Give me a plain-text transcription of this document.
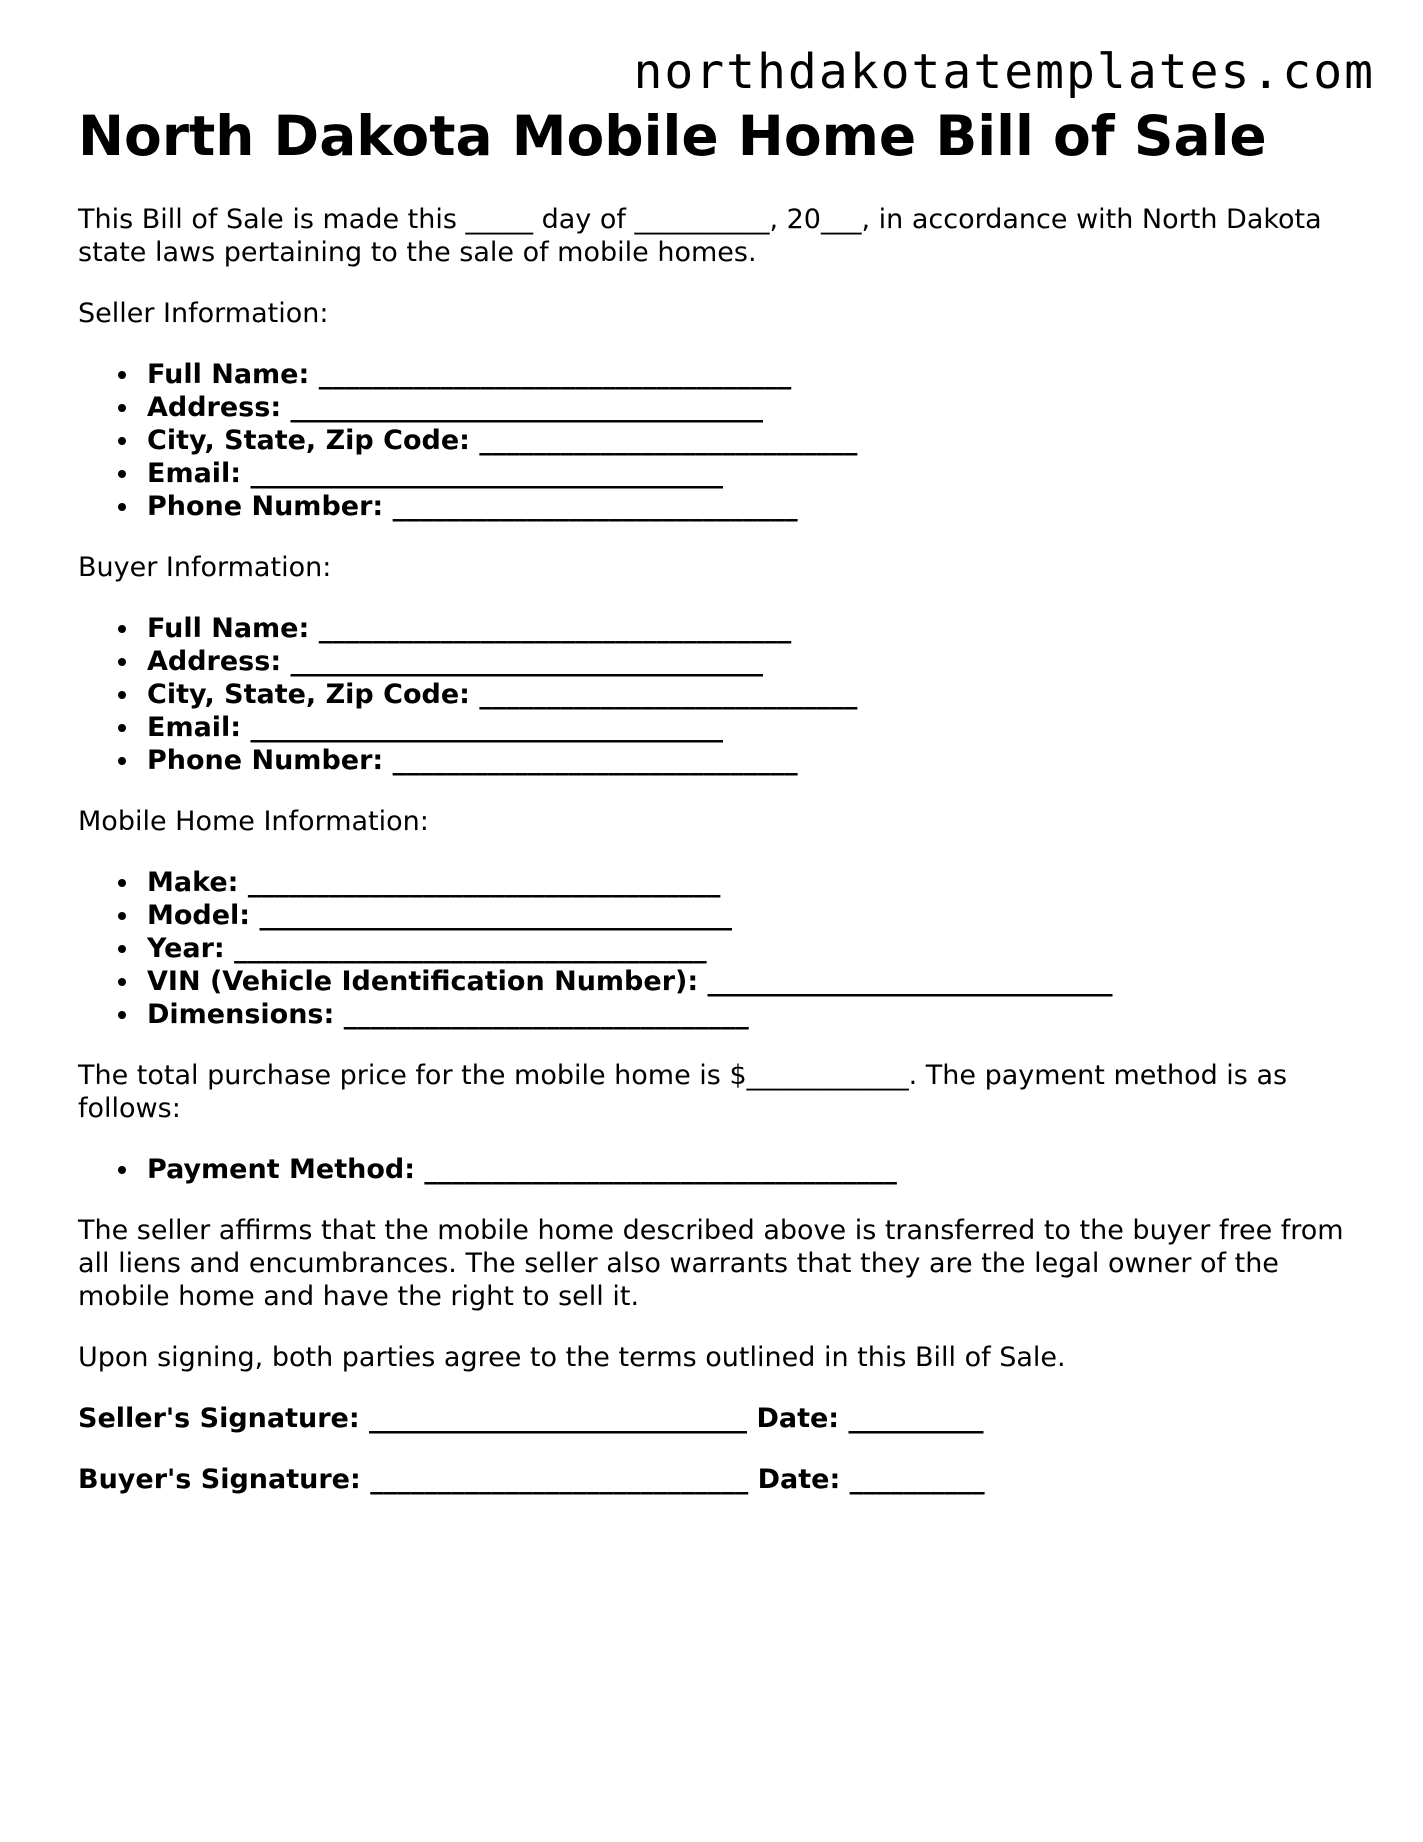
northdakotatemplates.com
North Dakota Mobile Home Bill of Sale

This Bill of Sale is made this _____ day of __________, 20___, in accordance with North Dakota state laws pertaining to the sale of mobile homes.

Seller Information:

Full Name: ___________________________________
Address: ___________________________________
City, State, Zip Code: ____________________________
Email: ___________________________________
Phone Number: ______________________________

Buyer Information:

Full Name: ___________________________________
Address: ___________________________________
City, State, Zip Code: ____________________________
Email: ___________________________________
Phone Number: ______________________________

Mobile Home Information:

Make: ___________________________________
Model: ___________________________________
Year: ___________________________________
VIN (Vehicle Identification Number): ______________________________
Dimensions: ______________________________

The total purchase price for the mobile home is $____________. The payment method is as follows:

Payment Method: ___________________________________

The seller affirms that the mobile home described above is transferred to the buyer free from all liens and encumbrances. The seller also warrants that they are the legal owner of the mobile home and have the right to sell it.

Upon signing, both parties agree to the terms outlined in this Bill of Sale.

Seller's Signature: ____________________________ Date: __________
Buyer's Signature: ____________________________ Date: __________
